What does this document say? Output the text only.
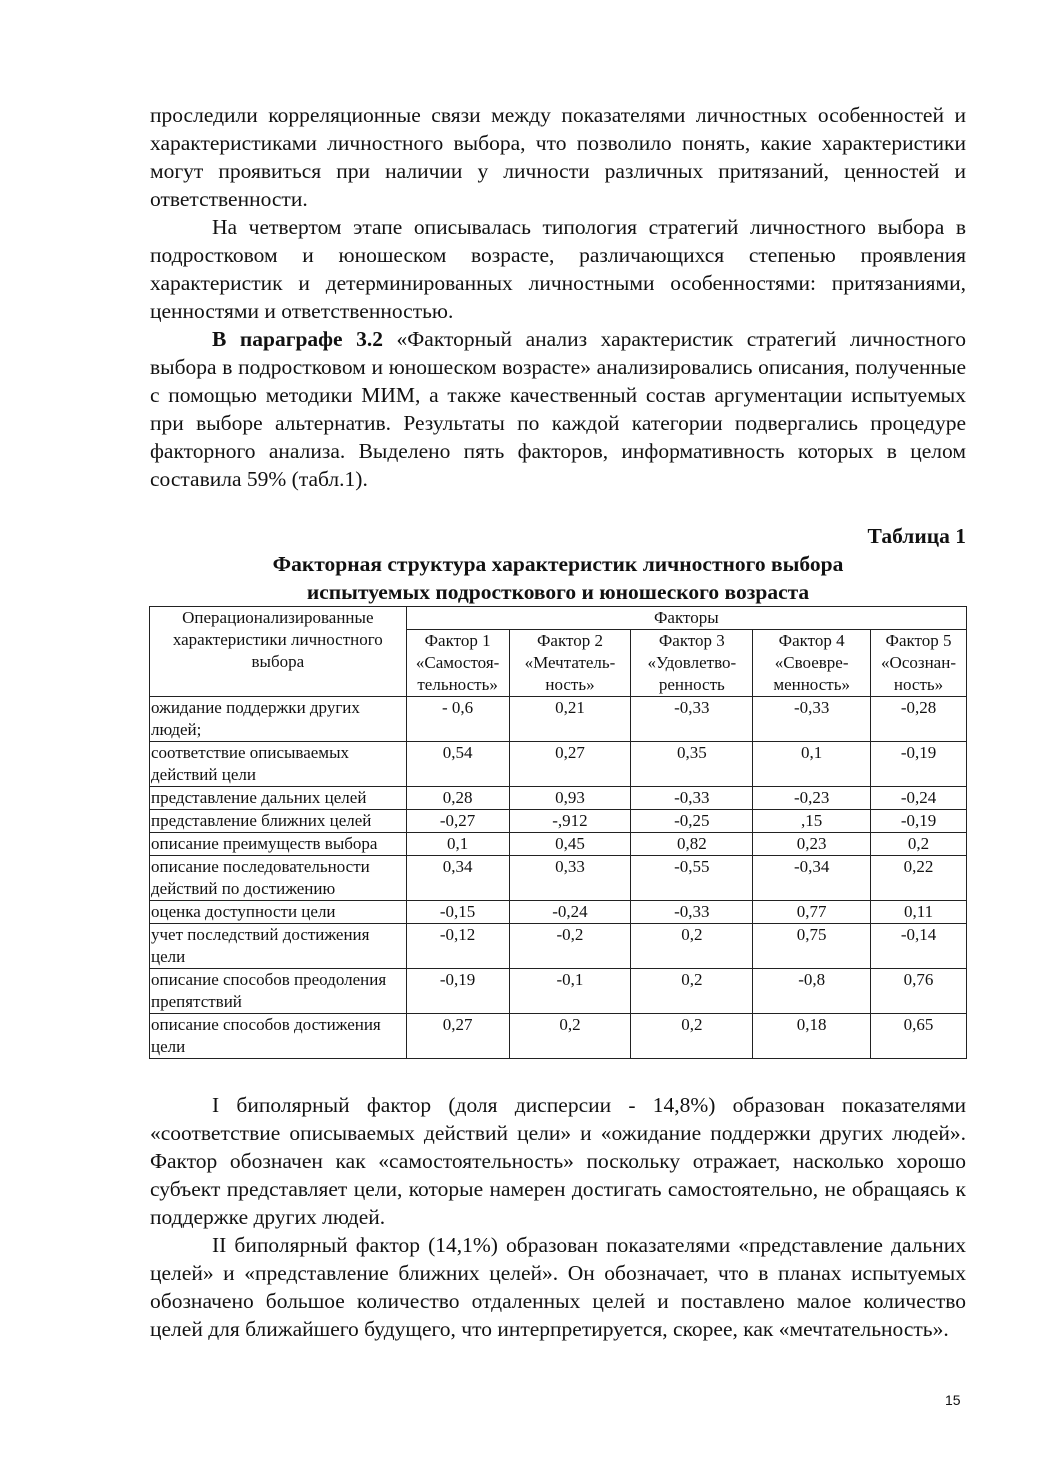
проследили корреляционные связи между показателями личностных особенностей и характеристиками личностного выбора, что позволило понять, какие характеристики могут проявиться при наличии у личности различных притязаний, ценностей и ответственности.

На четвертом этапе описывалась типология стратегий личностного выбора в подростковом и юношеском возрасте, различающихся степенью проявления характеристик и детерминированных личностными особенностями: притязаниями, ценностями и ответственностью.

В параграфе 3.2 «Факторный анализ характеристик стратегий личностного выбора в подростковом и юношеском возрасте» анализировались описания, полученные с помощью методики МИМ, а также качественный состав аргументации испытуемых при выборе альтернатив. Результаты по каждой категории подвергались процедуре факторного анализа. Выделено пять факторов, информативность которых в целом составила 59% (табл.1).

Таблица 1
Факторная структура характеристик личностного выбора
испытуемых подросткового и юношеского возраста
Операционализированные характеристики личностного выбора	Факторы				
	Фактор 1 «Самостоя-тельность»	Фактор 2 «Мечтатель-ность»	Фактор 3 «Удовлетво-ренность	Фактор 4 «Своевре-менность»	Фактор 5 «Осознан-ность»
ожидание поддержки других людей;	- 0,6	0,21	-0,33	-0,33	-0,28
соответствие описываемых действий цели	0,54	0,27	0,35	0,1	-0,19
представление дальних целей	0,28	0,93	-0,33	-0,23	-0,24
представление ближних целей	-0,27	-,912	-0,25	,15	-0,19
описание преимуществ выбора	0,1	0,45	0,82	0,23	0,2
описание последовательности действий по достижению	0,34	0,33	-0,55	-0,34	0,22
оценка доступности цели	-0,15	-0,24	-0,33	0,77	0,11
учет последствий достижения цели	-0,12	-0,2	0,2	0,75	-0,14
описание способов преодоления препятствий	-0,19	-0,1	0,2	-0,8	0,76
описание способов достижения цели	0,27	0,2	0,2	0,18	0,65

I биполярный фактор (доля дисперсии - 14,8%) образован показателями «соответствие описываемых действий цели» и «ожидание поддержки других людей». Фактор обозначен как «самостоятельность» поскольку отражает, насколько хорошо субъект представляет цели, которые намерен достигать самостоятельно, не обращаясь к поддержке других людей.

II биполярный фактор (14,1%) образован показателями «представление дальних целей» и «представление ближних целей». Он обозначает, что в планах испытуемых обозначено большое количество отдаленных целей и поставлено малое количество целей для ближайшего будущего, что интерпретируется, скорее, как «мечтательность».

15
